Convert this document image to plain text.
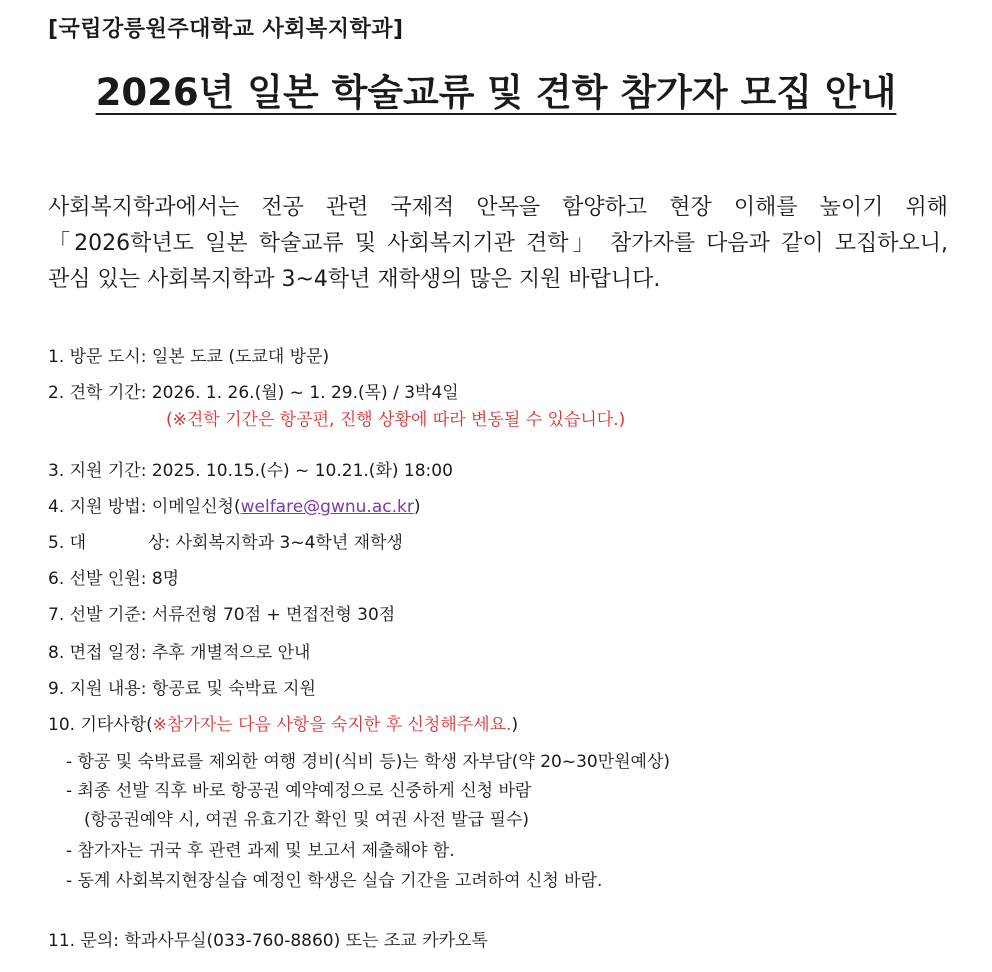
[국립강릉원주대학교 사회복지학과]
2026년 일본 학술교류 및 견학 참가자 모집 안내
사회복지학과에서는 전공 관련 국제적 안목을 함양하고 현장 이해를 높이기 위해
「2026학년도 일본 학술교류 및 사회복지기관 견학」 참가자를 다음과 같이 모집하오니,
관심 있는 사회복지학과 3~4학년 재학생의 많은 지원 바랍니다.
1. 방문 도시: 일본 도쿄 (도쿄대 방문)
2. 견학 기간: 2026. 1. 26.(월) ~ 1. 29.(목) / 3박4일
(※견학 기간은 항공편, 진행 상황에 따라 변동될 수 있습니다.)
3. 지원 기간: 2025. 10.15.(수) ~ 10.21.(화) 18:00
4. 지원 방법: 이메일신청(welfare@gwnu.ac.kr)
5. 대	상: 사회복지학과 3~4학년 재학생
6. 선발 인원: 8명
7. 선발 기준: 서류전형 70점 + 면접전형 30점
8. 면접 일정: 추후 개별적으로 안내
9. 지원 내용: 항공료 및 숙박료 지원
10. 기타사항(※참가자는 다음 사항을 숙지한 후 신청해주세요.)
- 항공 및 숙박료를 제외한 여행 경비(식비 등)는 학생 자부담(약 20~30만원예상)
- 최종 선발 직후 바로 항공권 예약예정으로 신중하게 신청 바람
(항공권예약 시, 여권 유효기간 확인 및 여권 사전 발급 필수)
- 참가자는 귀국 후 관련 과제 및 보고서 제출해야 함.
- 동계 사회복지현장실습 예정인 학생은 실습 기간을 고려하여 신청 바람.
11. 문의: 학과사무실(033-760-8860) 또는 조교 카카오톡
